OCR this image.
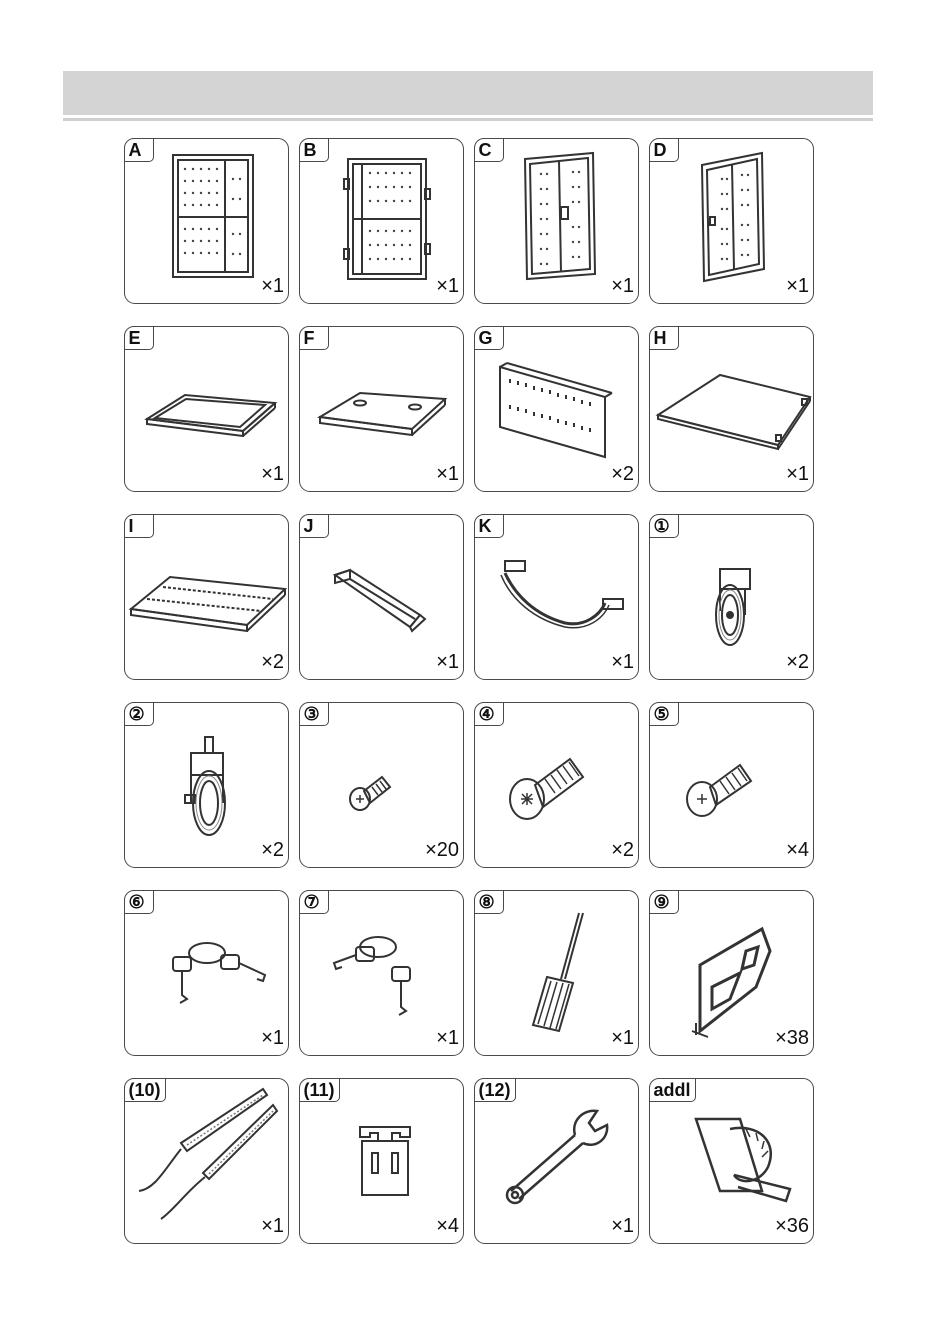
A
×1
B
×1
C
×1
D
×1
E
×1
F
×1
G
×2
H
×1
I
×2
J
×1
K
×1
①
×2
②
×2
③
×20
④
×2
⑤
×4
⑥
×1
⑦
×1
⑧
×1
⑨
×38
(10)
×1
(11)
×4
(12)
×1
addl
×36
